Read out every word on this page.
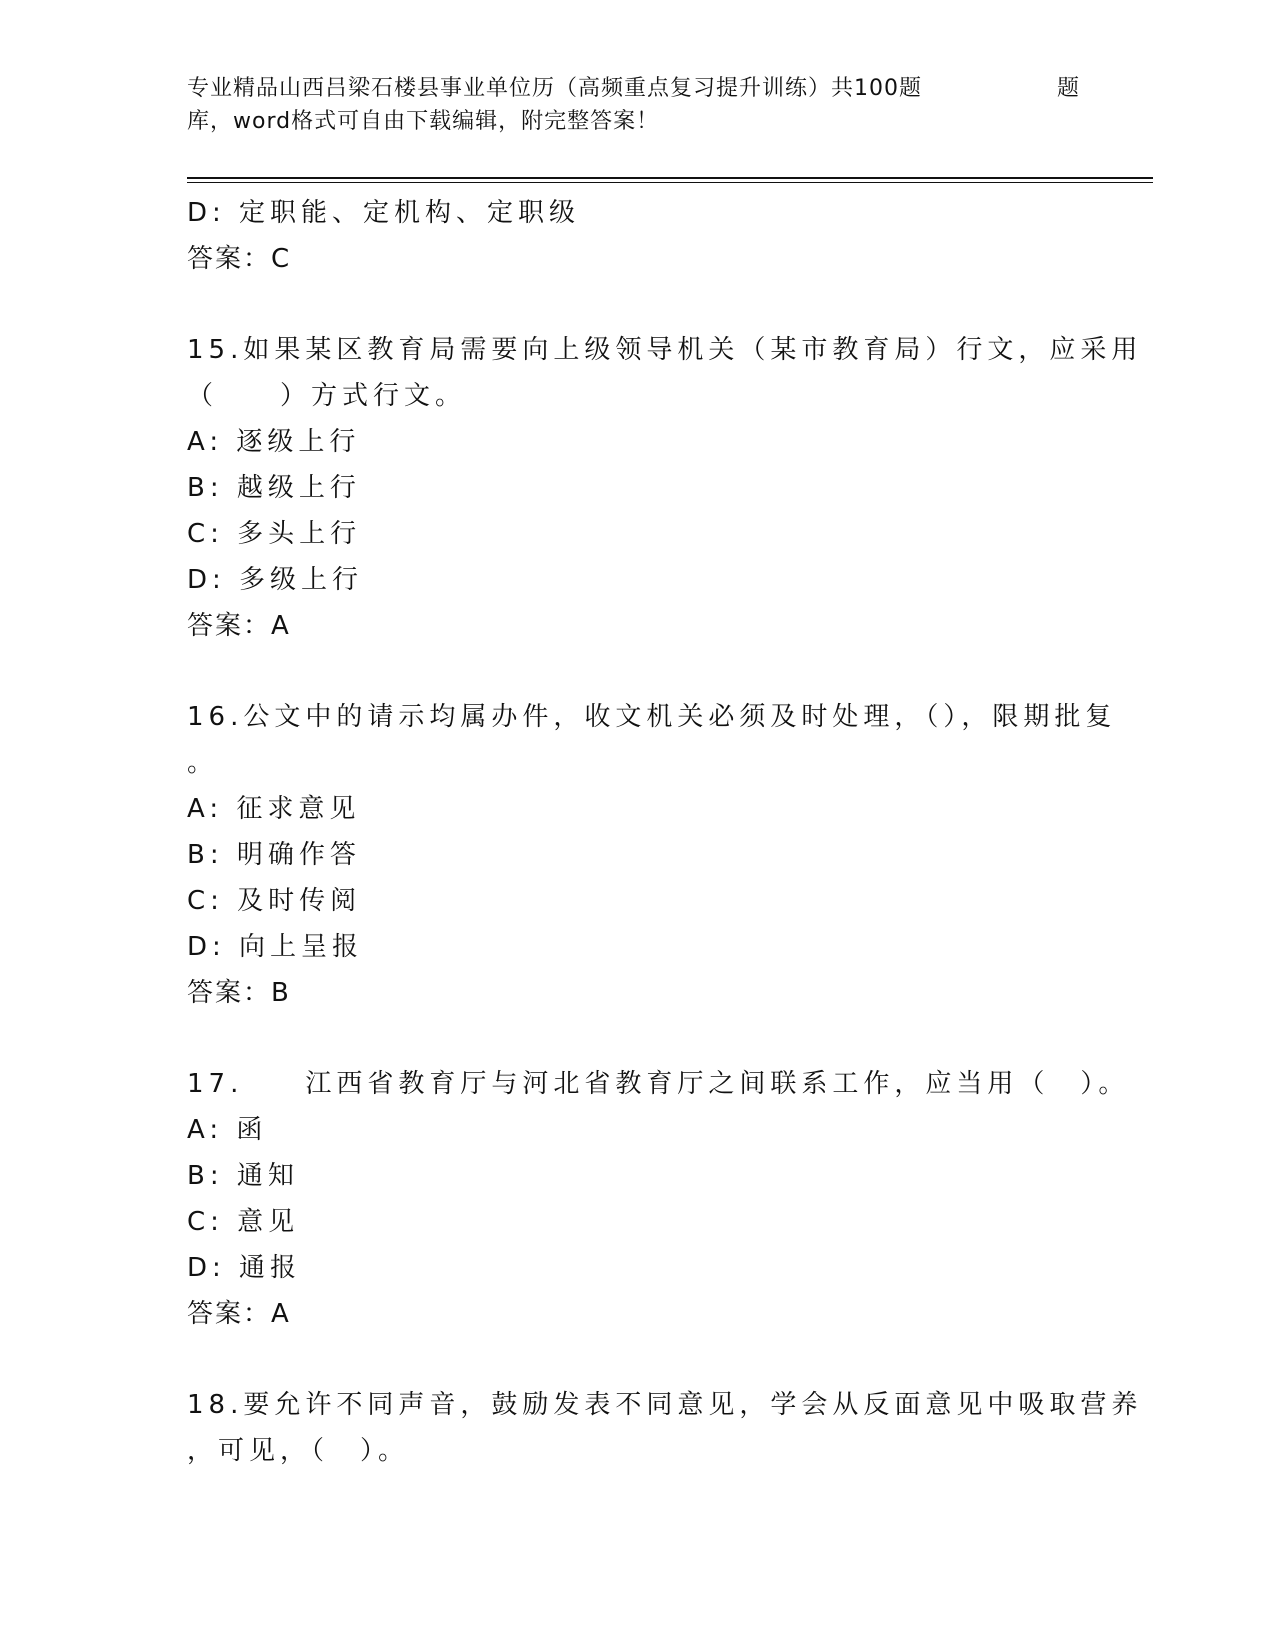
专业精品山西吕梁石楼县事业单位历（高频重点复习提升训练）共100题	题
库，word格式可自由下载编辑，附完整答案！
D: 定职能、定机构、定职级
答案：C
15.如果某区教育局需要向上级领导机关（某市教育局）行文，应采用
（　　）方式行文。
A: 逐级上行
B: 越级上行
C: 多头上行
D: 多级上行
答案：A
16.公文中的请示均属办件，收文机关必须及时处理，（），限期批复
。
A: 征求意见
B: 明确作答
C: 及时传阅
D: 向上呈报
答案：B
17.　　江西省教育厅与河北省教育厅之间联系工作，应当用（　）。
A: 函
B: 通知
C: 意见
D: 通报
答案：A
18.要允许不同声音，鼓励发表不同意见，学会从反面意见中吸取营养
，可见，（　）。
